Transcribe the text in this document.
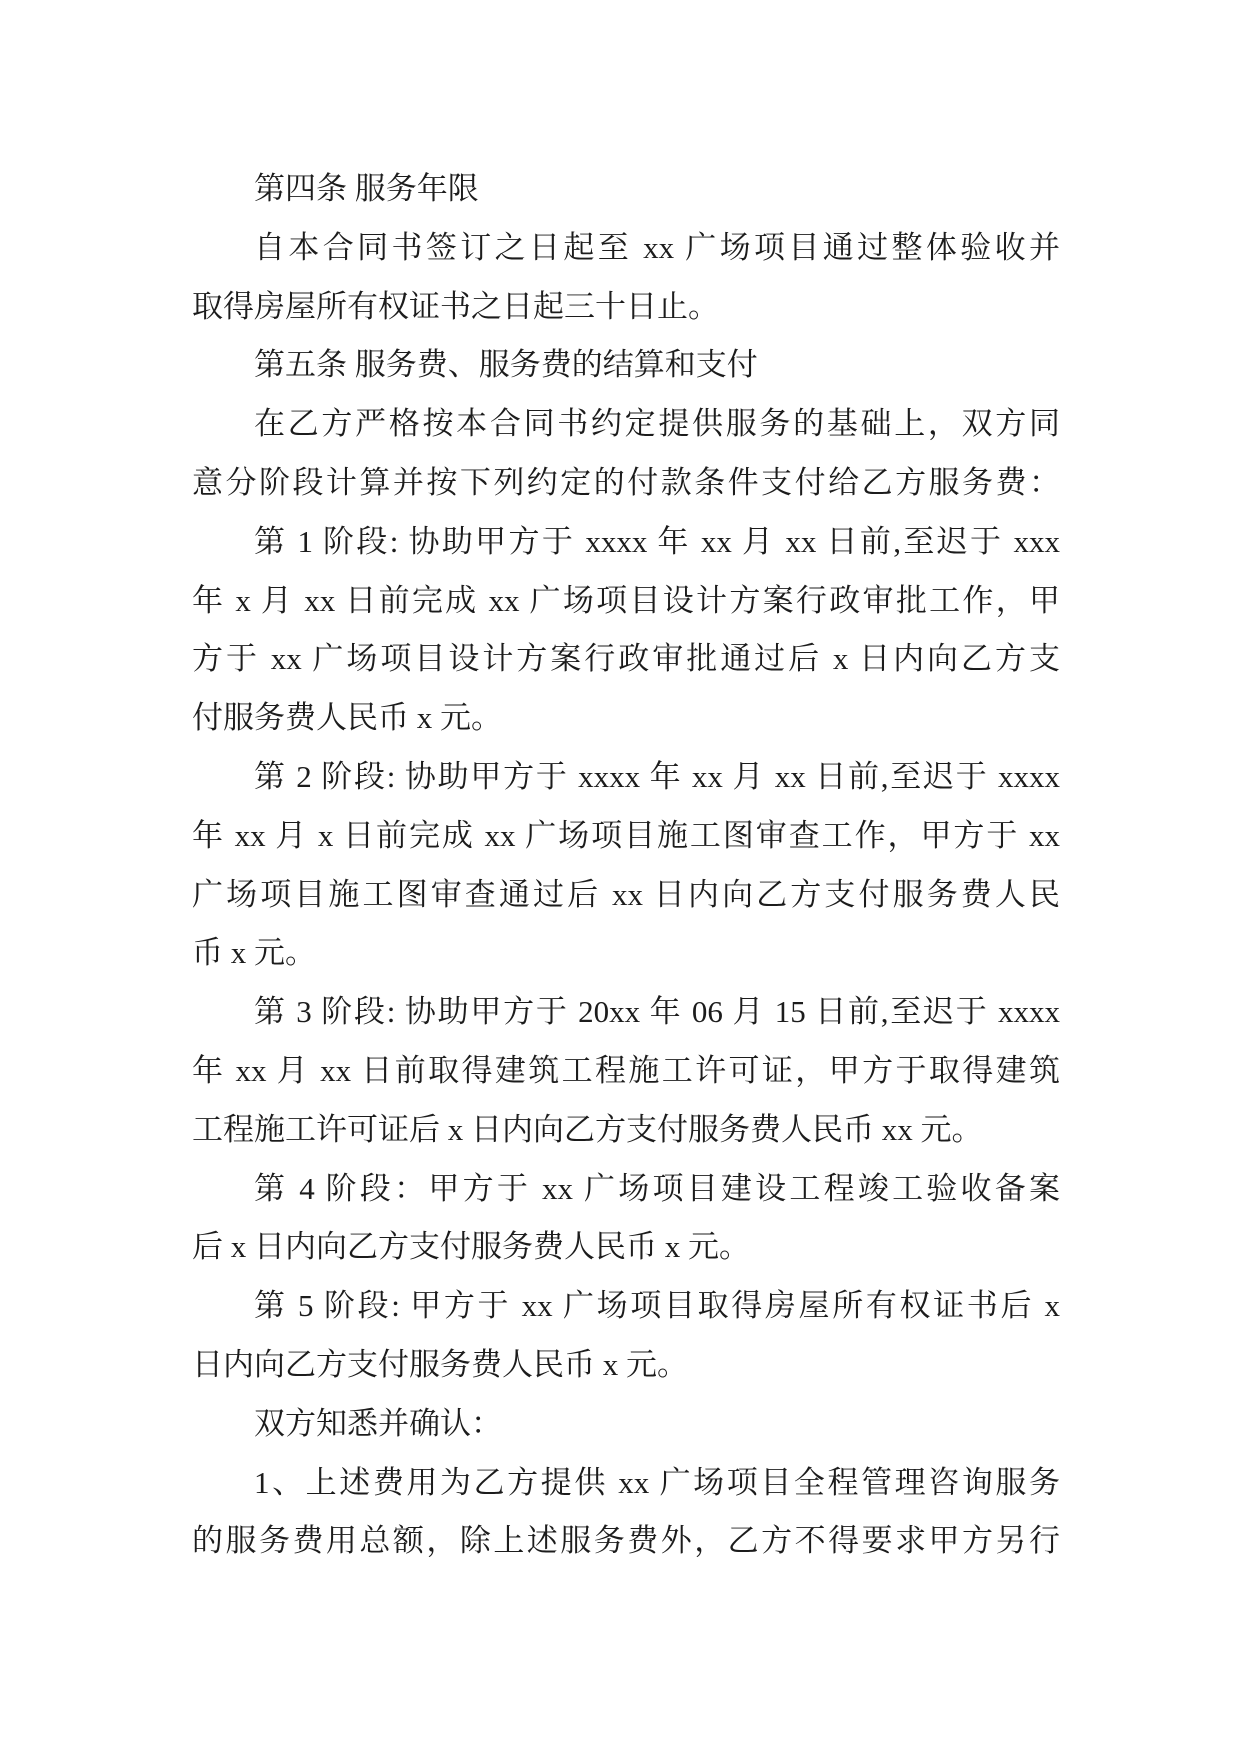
第四条 服务年限
自本合同书签订之日起至 xx 广场项目通过整体验收并
取得房屋所有权证书之日起三十日止。
第五条 服务费、服务费的结算和支付
在乙方严格按本合同书约定提供服务的基础上，双方同
意分阶段计算并按下列约定的付款条件支付给乙方服务费：
第 1 阶段: 协助甲方于 xxxx 年 xx 月 xx 日前,至迟于 xxx
年 x 月 xx 日前完成 xx 广场项目设计方案行政审批工作，甲
方于 xx 广场项目设计方案行政审批通过后 x 日内向乙方支
付服务费人民币 x 元。
第 2 阶段: 协助甲方于 xxxx 年 xx 月 xx 日前,至迟于 xxxx
年 xx 月 x 日前完成 xx 广场项目施工图审查工作，甲方于 xx
广场项目施工图审查通过后 xx 日内向乙方支付服务费人民
币 x 元。
第 3 阶段: 协助甲方于 20xx 年 06 月 15 日前,至迟于 xxxx
年 xx 月 xx 日前取得建筑工程施工许可证，甲方于取得建筑
工程施工许可证后 x 日内向乙方支付服务费人民币 xx 元。
第 4 阶段：甲方于 xx 广场项目建设工程竣工验收备案
后 x 日内向乙方支付服务费人民币 x 元。
第 5 阶段: 甲方于 xx 广场项目取得房屋所有权证书后 x
日内向乙方支付服务费人民币 x 元。
双方知悉并确认：
1、上述费用为乙方提供 xx 广场项目全程管理咨询服务
的服务费用总额，除上述服务费外，乙方不得要求甲方另行
